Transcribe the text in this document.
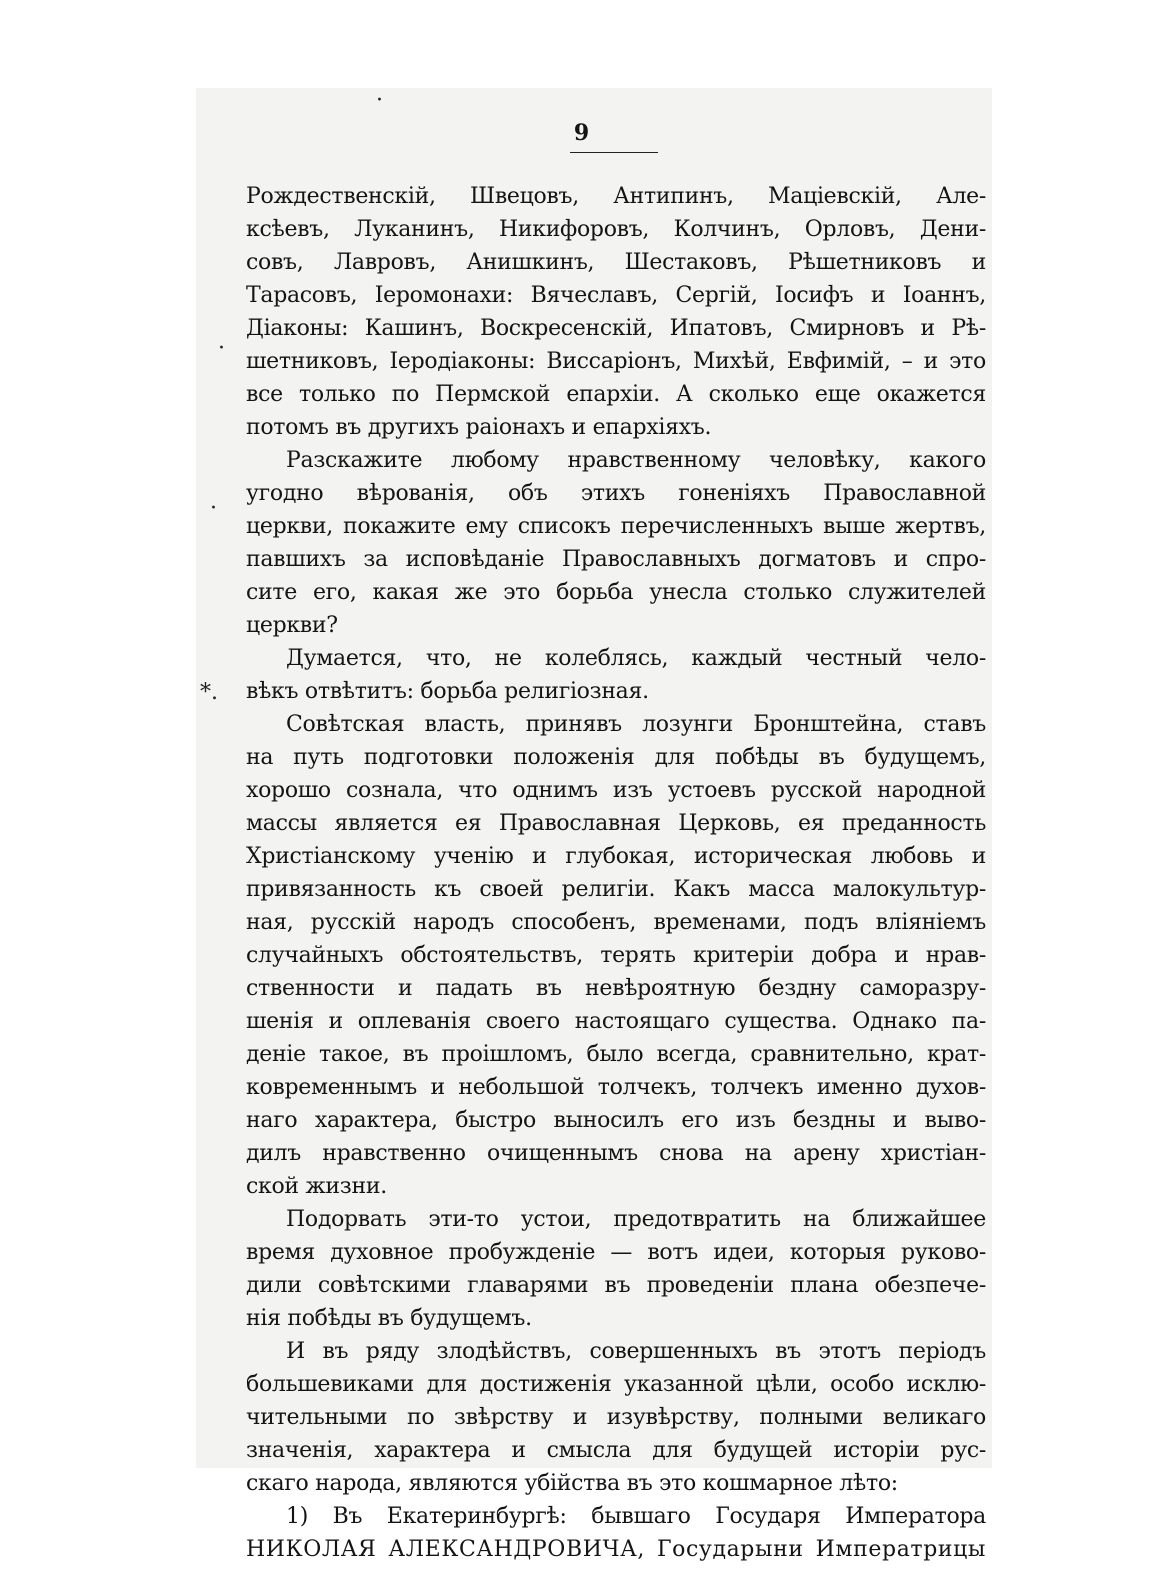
9
·
·
·
*.
Рождественскій, Швецовъ, Антипинъ, Маціевскій, Але-
ксѣевъ, Луканинъ, Никифоровъ, Колчинъ, Орловъ, Дени-
совъ, Лавровъ, Анишкинъ, Шестаковъ, Рѣшетниковъ и
Тарасовъ, Іеромонахи: Вячеславъ, Сергій, Іосифъ и Іоаннъ,
Діаконы: Кашинъ, Воскресенскій, Ипатовъ, Смирновъ и Рѣ-
шетниковъ, Іеродіаконы: Виссаріонъ, Михѣй, Евфимій, – и это
все только по Пермской епархіи. А сколько еще окажется
потомъ въ другихъ раіонахъ и епархіяхъ.
Разскажите любому нравственному человѣку, какого
угодно вѣрованія, объ этихъ гоненіяхъ Православной
церкви, покажите ему списокъ перечисленныхъ выше жертвъ,
павшихъ за исповѣданіе Православныхъ догматовъ и спро-
сите его, какая же это борьба унесла столько служителей
церкви?
Думается, что, не колеблясь, каждый честный чело-
вѣкъ отвѣтитъ: борьба религіозная.
Совѣтская власть, принявъ лозунги Бронштейна, ставъ
на путь подготовки положенія для побѣды въ будущемъ,
хорошо сознала, что однимъ изъ устоевъ русской народной
массы является ея Православная Церковь, ея преданность
Христіанскому ученію и глубокая, историческая любовь и
привязанность къ своей религіи. Какъ масса малокультур-
ная, русскій народъ способенъ, временами, подъ вліяніемъ
случайныхъ обстоятельствъ, терять критеріи добра и нрав-
ственности и падать въ невѣроятную бездну саморазру-
шенія и оплеванія своего настоящаго существа. Однако па-
деніе такое, въ проішломъ, было всегда, сравнительно, крат-
ковременнымъ и небольшой толчекъ, толчекъ именно духов-
наго характера, быстро выносилъ его изъ бездны и выво-
дилъ нравственно очищеннымъ снова на арену христіан-
ской жизни.
Подорвать эти-то устои, предотвратить на ближайшее
время духовное пробужденіе — вотъ идеи, которыя руково-
дили совѣтскими главарями въ проведеніи плана обезпече-
нія побѣды въ будущемъ.
И въ ряду злодѣйствъ, совершенныхъ въ этотъ періодъ
большевиками для достиженія указанной цѣли, особо исклю-
чительными по звѣрству и изувѣрству, полными великаго
значенія, характера и смысла для будущей исторіи рус-
скаго народа, являются убійства въ это кошмарное лѣто:
1) Въ Екатеринбургѣ: бывшаго Государя Императора
НИКОЛАЯ АЛЕКСАНДРОВИЧА, Государыни Императрицы
